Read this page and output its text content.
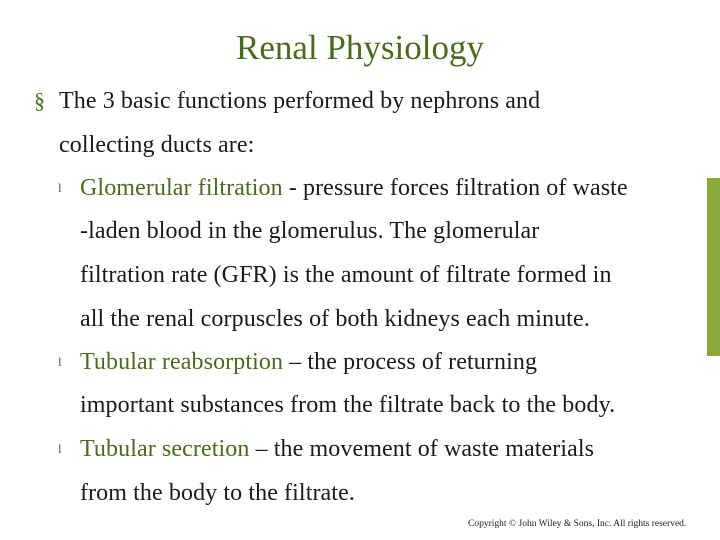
Renal Physiology
§ The 3 basic functions performed by nephrons and
collecting ducts are:
l Glomerular filtration - pressure forces filtration of waste
-laden blood in the glomerulus. The glomerular
filtration rate (GFR) is the amount of filtrate formed in
all the renal corpuscles of both kidneys each minute.
l Tubular reabsorption – the process of returning
important substances from the filtrate back to the body.
l Tubular secretion – the movement of waste materials
from the body to the filtrate.
Copyright © John Wiley & Sons, Inc. All rights reserved.
